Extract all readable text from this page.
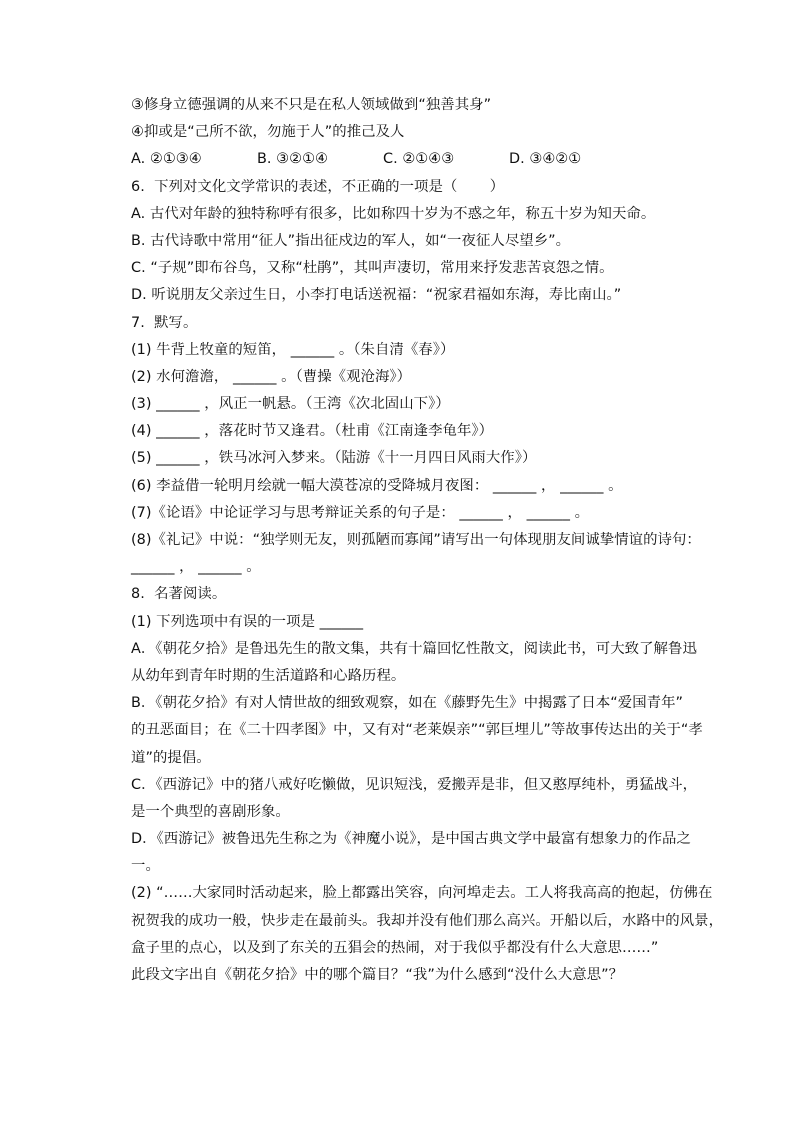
③修身立德强调的从来不只是在私人领域做到“独善其身”
④抑或是“己所不欲，勿施于人”的推己及人
A. ②①③④	B. ③②①④	C. ②①④③	D. ③④②①
6.  下列对文化文学常识的表述，不正确的一项是（       ）
A. 古代对年龄的独特称呼有很多，比如称四十岁为不惑之年，称五十岁为知天命。
B. 古代诗歌中常用“征人”指出征戍边的军人，如“一夜征人尽望乡”。
C. “子规”即布谷鸟，又称“杜鹃”，其叫声凄切，常用来抒发悲苦哀怨之情。
D. 听说朋友父亲过生日，小李打电话送祝福：“祝家君福如东海，寿比南山。”
7.  默写。
(1) 牛背上牧童的短笛， ______ 。（朱自清《春》）
(2) 水何澹澹， ______ 。（曹操《观沧海》）
(3) ______ ，风正一帆悬。（王湾《次北固山下》）
(4) ______ ，落花时节又逢君。（杜甫《江南逢李龟年》）
(5) ______ ，铁马冰河入梦来。（陆游《十一月四日风雨大作》）
(6) 李益借一轮明月绘就一幅大漠苍凉的受降城月夜图： ______ ， ______ 。
(7)《论语》中论证学习与思考辩证关系的句子是： ______ ， ______ 。
(8)《礼记》中说：“独学则无友，则孤陋而寡闻”请写出一句体现朋友间诚挚情谊的诗句：
______ ， ______ 。
8.  名著阅读。
(1) 下列选项中有误的一项是 ______
A．《朝花夕拾》是鲁迅先生的散文集，共有十篇回忆性散文，阅读此书，可大致了解鲁迅
从幼年到青年时期的生活道路和心路历程。
B．《朝花夕拾》有对人情世故的细致观察，如在《藤野先生》中揭露了日本“爱国青年”
的丑恶面目；在《二十四孝图》中，又有对“老莱娱亲”“郭巨埋儿”等故事传达出的关于“孝
道”的提倡。
C．《西游记》中的猪八戒好吃懒做，见识短浅，爱搬弄是非，但又憨厚纯朴，勇猛战斗，
是一个典型的喜剧形象。
D．《西游记》被鲁迅先生称之为《神魔小说》，是中国古典文学中最富有想象力的作品之
一。
(2) “……大家同时活动起来，脸上都露出笑容，向河埠走去。工人将我高高的抱起，仿佛在
祝贺我的成功一般，快步走在最前头。我却并没有他们那么高兴。开船以后，水路中的风景，
盒子里的点心，以及到了东关的五猖会的热闹，对于我似乎都没有什么大意思……”
此段文字出自《朝花夕拾》中的哪个篇目？“我”为什么感到“没什么大意思”？
